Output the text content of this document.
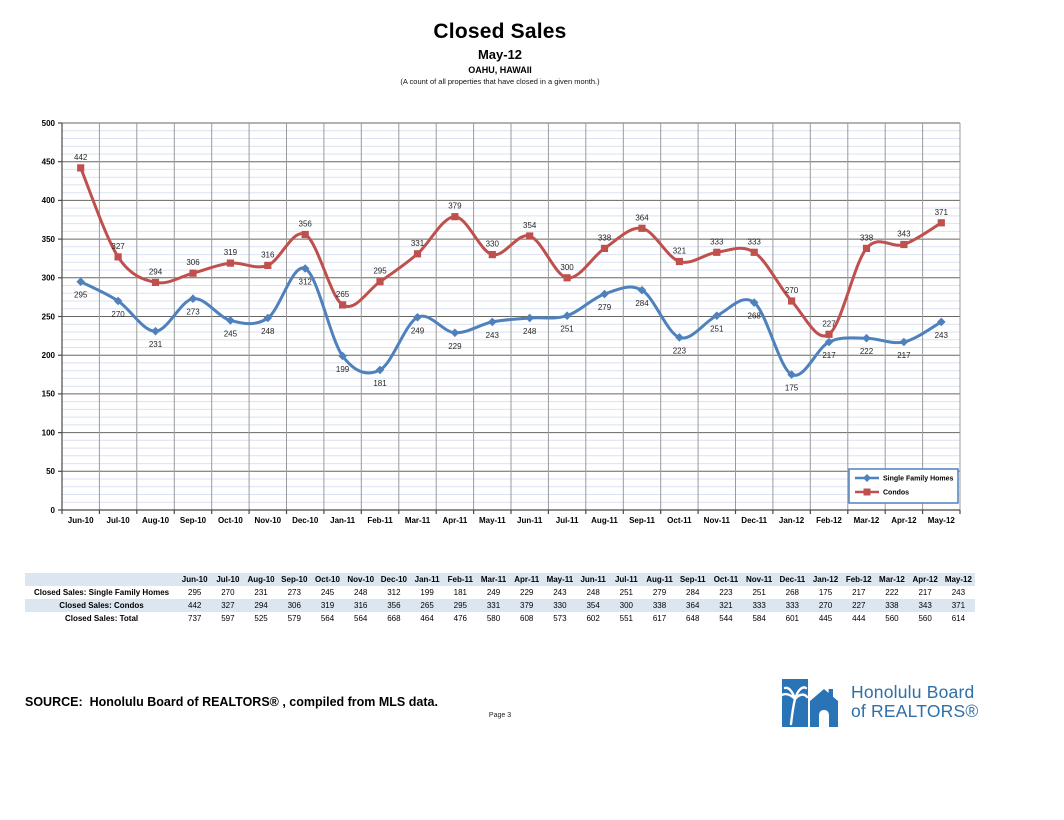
Closed Sales
May-12
OAHU, HAWAII
(A count of all properties that have closed in a given month.)
0
50
100
150
200
250
300
350
400
450
500
Jun-10 Jul-10 Aug-10 Sep-10 Oct-10 Nov-10 Dec-10 Jan-11 Feb-11 Mar-11 Apr-11 May-11 Jun-11 Jul-11 Aug-11 Sep-11 Oct-11 Nov-11 Dec-11 Jan-12 Feb-12 Mar-12 Apr-12 May-12
295
270
231
273
245	248
312
199
181
249
229
243	248	251
279	284
223
251
268
175
217	222	217
243
442
327
294
306
319	316
356
265
295
331
379
330
354
300
338
364
321
333	333
270
227
338	343
371
Single Family Homes
Condos
	Jun-10	Jul-10	Aug-10	Sep-10	Oct-10	Nov-10	Dec-10	Jan-11	Feb-11	Mar-11	Apr-11	May-11	Jun-11	Jul-11	Aug-11	Sep-11	Oct-11	Nov-11	Dec-11	Jan-12	Feb-12	Mar-12	Apr-12	May-12
Closed Sales: Single Family Homes	295	270	231	273	245	248	312	199	181	249	229	243	248	251	279	284	223	251	268	175	217	222	217	243
Closed Sales: Condos	442	327	294	306	319	316	356	265	295	331	379	330	354	300	338	364	321	333	333	270	227	338	343	371
Closed Sales: Total	737	597	525	579	564	564	668	464	476	580	608	573	602	551	617	648	544	584	601	445	444	560	560	614
SOURCE:  Honolulu Board of REALTORS® , compiled from MLS data.
Page 3
Honolulu Board
of REALTORS®
